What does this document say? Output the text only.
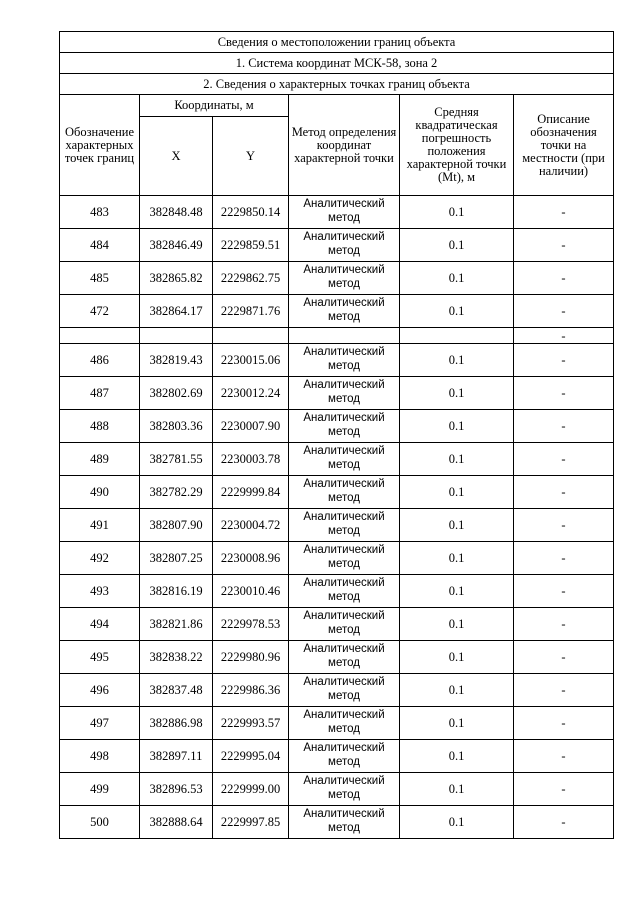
Сведения о местоположении границ объекта					
1. Система координат МСК-58, зона 2					
2. Сведения о характерных точках границ объекта					
Обозначение характерных точек границ	Координаты, м		Метод определения координат характерной точки	Средняя квадратическая погрешность положения характерной точки (Mt), м	Описание обозначения точки на местности (при наличии)
	X	Y			
483	382848.48	2229850.14	Аналитический метод	0.1	-
484	382846.49	2229859.51	Аналитический метод	0.1	-
485	382865.82	2229862.75	Аналитический метод	0.1	-
472	382864.17	2229871.76	Аналитический метод	0.1	-
					-
486	382819.43	2230015.06	Аналитический метод	0.1	-
487	382802.69	2230012.24	Аналитический метод	0.1	-
488	382803.36	2230007.90	Аналитический метод	0.1	-
489	382781.55	2230003.78	Аналитический метод	0.1	-
490	382782.29	2229999.84	Аналитический метод	0.1	-
491	382807.90	2230004.72	Аналитический метод	0.1	-
492	382807.25	2230008.96	Аналитический метод	0.1	-
493	382816.19	2230010.46	Аналитический метод	0.1	-
494	382821.86	2229978.53	Аналитический метод	0.1	-
495	382838.22	2229980.96	Аналитический метод	0.1	-
496	382837.48	2229986.36	Аналитический метод	0.1	-
497	382886.98	2229993.57	Аналитический метод	0.1	-
498	382897.11	2229995.04	Аналитический метод	0.1	-
499	382896.53	2229999.00	Аналитический метод	0.1	-
500	382888.64	2229997.85	Аналитический метод	0.1	-
